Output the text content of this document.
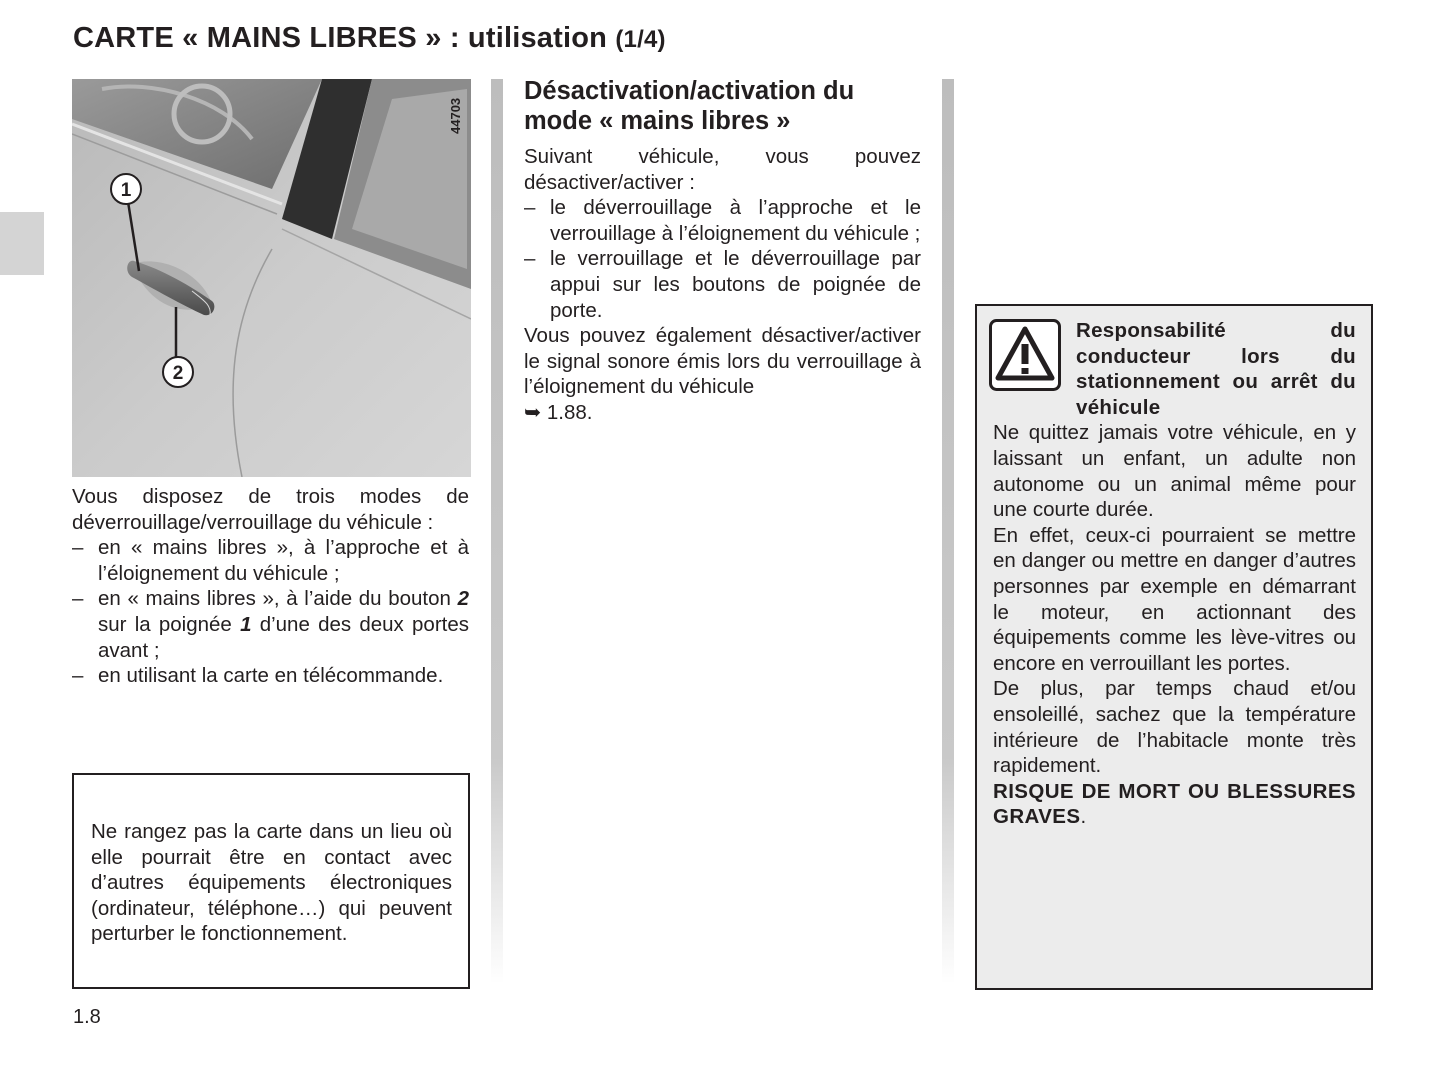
CARTE « MAINS LIBRES » : utilisation (1/4)
1
2
44703

Vous disposez de trois modes de déverrouillage/verrouillage du véhicule :

– en « mains libres », à l’approche et à l’éloignement du véhicule ;
– en « mains libres », à l’aide du bouton 2 sur la poignée 1 d’une des deux portes avant ;
– en utilisant la carte en télécommande.

Ne rangez pas la carte dans un lieu où elle pourrait être en contact avec d’autres équipements électroniques (ordinateur, téléphone…) qui peuvent perturber le fonctionnement.

Désactivation/activation du mode « mains libres »

Suivant véhicule, vous pouvez désactiver/activer :

– le déverrouillage à l’approche et le verrouillage à l’éloignement du véhicule ;
– le verrouillage et le déverrouillage par appui sur les boutons de poignée de porte.

Vous pouvez également désactiver/activer le signal sonore émis lors du verrouillage à l’éloignement du véhicule
➥ 1.88.

Responsabilité du conducteur lors du stationnement ou arrêt du véhicule

Ne quittez jamais votre véhicule, en y laissant un enfant, un adulte non autonome ou un animal même pour une courte durée.

En effet, ceux-ci pourraient se mettre en danger ou mettre en danger d’autres personnes par exemple en démarrant le moteur, en actionnant des équipements comme les lève-vitres ou encore en verrouillant les portes.

De plus, par temps chaud et/ou ensoleillé, sachez que la température intérieure de l’habitacle monte très rapidement.

RISQUE DE MORT OU BLESSURES GRAVES.

1.8
